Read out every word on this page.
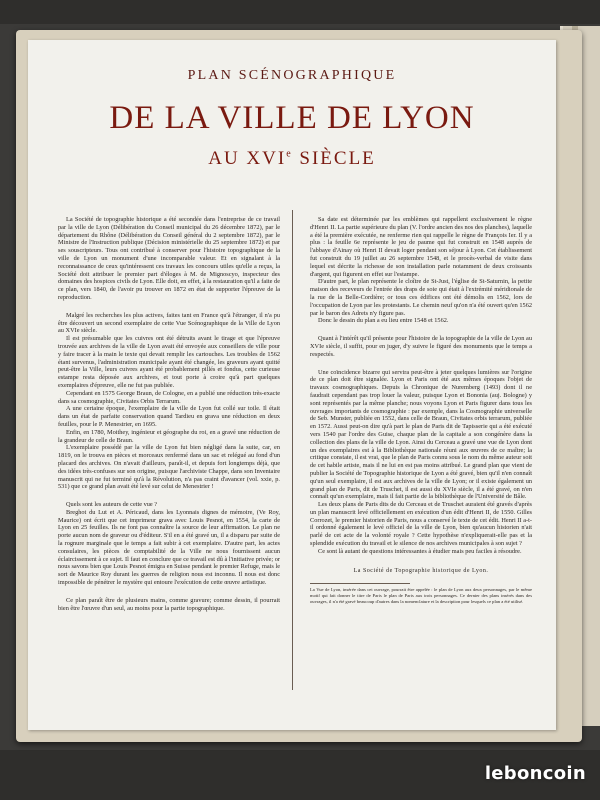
PLAN SCÉNOGRAPHIQUE
DE LA VILLE DE LYON
AU XVIe SIÈCLE

La Société de topographie historique a été secondée dans l'entreprise de ce travail par la ville de Lyon (Délibération du Conseil municipal du 26 décembre 1872), par le département du Rhône (Délibération du Conseil général du 2 septembre 1872), par le Ministre de l'Instruction publique (Décision ministérielle du 25 septembre 1872) et par ses souscripteurs. Tous ont contribué à conserver pour l'histoire topographique de la ville de Lyon un monument d'une incomparable valeur. Et en signalant à la reconnaissance de ceux qu'intéressent ces travaux les concours utiles qu'elle a reçus, la Société doit attribuer le premier part d'éloges à M. de Mignoscyo, inspecteur des domaines des hospices civils de Lyon. Elle doit, en effet, à la restauration qu'il a faite de ce plan, vers 1840, de l'avoir pu trouver en 1872 en état de supporter l'épreuve de la reproduction.

Malgré les recherches les plus actives, faites tant en France qu'à l'étranger, il n'a pu être découvert un second exemplaire de cette Vue Scénographique de la Ville de Lyon au XVIe siècle.

Il est présumable que les cuivres ont été détruits avant le tirage et que l'épreuve trouvée aux archives de la ville de Lyon avait été envoyée aux conseillers de ville pour y faire tracer à la main le texte qui devait remplir les cartouches. Les troubles de 1562 étant survenus, l'administration municipale ayant été changée, les graveurs ayant quitté peut-être la Ville, leurs cuivres ayant été probablement pillés et fondus, cette curieuse estampe resta déposée aux archives, et tout porte à croire qu'à part quelques exemplaires d'épreuve, elle ne fut pas publiée.

Cependant en 1575 George Braun, de Cologne, en a publié une réduction très-exacte dans sa cosmographie, Civitates Orbis Terrarum.

A une certaine époque, l'exemplaire de la ville de Lyon fut collé sur toile. Il était dans un état de parfaite conservation quand Tardieu en grava une réduction en deux feuilles, pour le P. Menestrier, en 1695.

Enfin, en 1780, Moithey, ingénieur et géographe du roi, en a gravé une réduction de la grandeur de celle de Braun.

L'exemplaire possédé par la ville de Lyon fut bien négligé dans la suite, car, en 1819, on le trouva en pièces et morceaux renfermé dans un sac et relégué au fond d'un placard des archives. On n'avait d'ailleurs, paraît-il, et depuis fort longtemps déjà, que des idées très-confuses sur son origine, puisque l'archiviste Chappe, dans son Inventaire manuscrit qui ne fut terminé qu'à la Révolution, n'a pas craint d'avancer (vol. xxie, p. 531) que ce grand plan avait été levé sur celui de Menestrier !

Quels sont les auteurs de cette vue ?

Breghot du Lut et A. Péricaud, dans les Lyonnais dignes de mémoire, (Ve Roy, Maurice) ont écrit que cet imprimeur grava avec Louis Pesnot, en 1554, la carte de Lyon en 25 feuilles. Ils ne font pas connaître la source de leur affirmation. Le plan ne porte aucun nom de graveur ou d'éditeur. S'il en a été gravé un, il a disparu par suite de la rognure marginale que le temps a fait subir à cet exemplaire. D'autre part, les actes consulaires, les pièces de comptabilité de la Ville ne nous fournissent aucun éclaircissement à ce sujet. Il faut en conclure que ce travail est dû à l'initiative privée; or nous savons bien que Louis Pesnot émigra en Suisse pendant le premier Refuge, mais le sort de Maurice Roy durant les guerres de religion nous est inconnu. Il nous est donc impossible de pénétrer le mystère qui entoure l'exécution de cette œuvre artistique.

Ce plan paraît être de plusieurs mains, comme gravure; comme dessin, il pourrait bien être l'œuvre d'un seul, au moins pour la partie topographique.

Sa date est déterminée par les emblèmes qui rappellent exclusivement le règne d'Henri II. La partie supérieure du plan (V. l'ordre ancien des nos des planches), laquelle a été la première exécutée, ne renferme rien qui rappelle le règne de François Ier. Il y a plus : la feuille 6e représente le jeu de paume qui fut construit en 1548 auprès de l'abbaye d'Ainay où Henri II devait loger pendant son séjour à Lyon. Cet établissement fut construit du 19 juillet au 26 septembre 1548, et le procès-verbal de visite dans lequel est décrite la richesse de son installation parle notamment de deux croissants d'argent, qui figurent en effet sur l'estampe.

D'autre part, le plan représente le cloître de St-Just, l'église de St-Saturnin, la petite maison des receveurs de l'entrée des draps de soie qui était à l'extrémité méridionale de la rue de la Belle-Cordière; or tous ces édifices ont été démolis en 1562, lors de l'occupation de Lyon par les protestants. Le chemin neuf qu'on n'a été ouvert qu'en 1562 par le baron des Adrets n'y figure pas.

Donc le dessin du plan a eu lieu entre 1548 et 1562.

Quant à l'intérêt qu'il présente pour l'histoire de la topographie de la ville de Lyon au XVIe siècle, il suffit, pour en juger, d'y suivre le figuré des monuments que le temps a respectés.

Une coïncidence bizarre qui servira peut-être à jeter quelques lumières sur l'origine de ce plan doit être signalée. Lyon et Paris ont été aux mêmes époques l'objet de travaux cosmographiques. Depuis la Chronique de Nuremberg (1493) dont il ne faudrait cependant pas trop louer la valeur, puisque Lyon et Bononia (auj. Bologne) y sont représentés par la même planche; nous voyons Lyon et Paris figurer dans tous les ouvrages importants de cosmographie : par exemple, dans la Cosmographie universelle de Seb. Munster, publiée en 1552, dans celle de Braun, Civitates orbis terrarum, publiée en 1572. Aussi peut-on dire qu'à part le plan de Paris dit de Tapisserie qui a été exécuté vers 1540 par l'ordre des Guise, chaque plan de la capitale a son congénère dans la collection des plans de la ville de Lyon. Ainsi du Cerceau a gravé une vue de Lyon dont un des exemplaires est à la Bibliothèque nationale réuni aux œuvres de ce maître; la critique constate, il est vrai, que le plan de Paris connu sous le nom du même auteur soit de cet habile artiste, mais il ne lui en est pas moins attribué. Le grand plan que vient de publier la Société de Topographie historique de Lyon a été gravé, bien qu'il n'en connaît qu'un seul exemplaire, il est aux archives de la ville de Lyon; or il existe également un grand plan de Paris, dit de Truschet, il est aussi du XVIe siècle, il a été gravé, on n'en connaît qu'un exemplaire, mais il fait partie de la bibliothèque de l'Université de Bâle.

Les deux plans de Paris dits de du Cerceau et de Truschet auraient été gravés d'après un plan manuscrit levé officiellement en exécution d'un édit d'Henri II, de 1550. Gilles Corrozet, le premier historien de Paris, nous a conservé le texte de cet édit. Henri II a-t-il ordonné également le levé officiel de la ville de Lyon, bien qu'aucun historien n'ait parlé de cet acte de la volonté royale ? Cette hypothèse n'expliquerait-elle pas et la splendide exécution du travail et le silence de nos archives municipales à son sujet ?

Ce sont là autant de questions intéressantes à étudier mais peu faciles à résoudre.

La Société de Topographie historique de Lyon.

La Vue de Lyon, insérée dans cet ouvrage, pourrait être appelée : le plan de Lyon aux deux personnages, par le même motif qui fait donner le titre de Paris le plan de Paris aux trois personnages. Ce dernier des plans insérés dans des ouvrages, il n'a été gravé beaucoup d'autres dans la nomenclature et la description pour lesquels ce plan a été utilisé.

leboncoin
